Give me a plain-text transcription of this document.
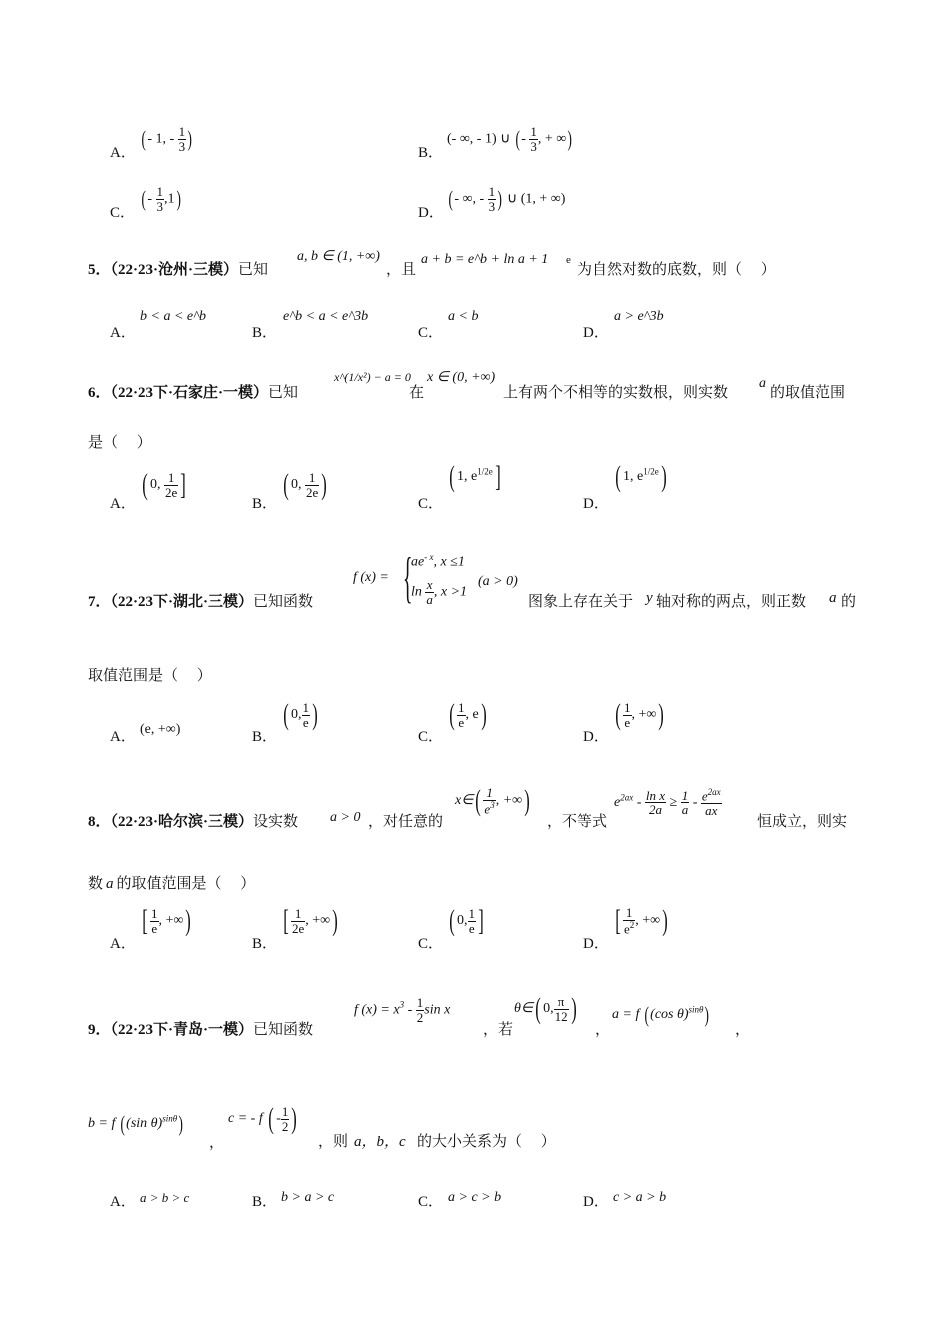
A．
(- 1, - $\frac{1}{3}$ )
B．
(- ∞, - 1) ∪ (- $\frac{1}{3}$ , + ∞)
C．
(- $\frac{1}{3} ,1$)
D．
(- ∞, - $\frac{1}{3}$ ) ∪ (1, + ∞)
5．（22·23·沧州·三模）已知
a, b ∈ (1, +∞)
，且
a + b = e^b + ln a + 1 e
为自然对数的底数，则（　 ）
A．
b < a < e^b
B．
e^b < a < e^3b
C．
a < b
D．
a > e^3b
6．（22·23下·石家庄·一模）已知
x^(1/x²) − a = 0
在
x ∈ (0, +∞)
上有两个不相等的实数根，则实数
a
的取值范围
是（　 ）
A．
( 0, $\frac{1}{2e}$ ]
B．
( 0, $\frac{1}{2e}$ )
C．
( 1, $e^{1/2e}$]
D．
( 1, $e^{1/2e}$)
7．（22·23下·湖北·三模）已知函数
f (x) = {
$ae^{- x}$, x ≤1
$\ln \frac{x}{a}$ , x >1
(a > 0)
图象上存在关于 y 轴对称的两点，则正数 a 的
取值范围是（　 ）
A． (e, +∞)	B．
( 0, $\frac{1}{e}$ )
C．
( $\frac{1}{e}$ , e)
D．
( $\frac{1}{e}$ , +∞)
8．（22·23·哈尔滨·三模）设实数 a > 0 ，对任意的
x∈( $\frac{1}{e^3}$ , +∞)
，不等式
$e^{2ax} - \frac{\text{ln x}}{2a} \ge \frac{1}{a} - \frac{e^{2ax}}{ax}$
恒成立，则实
数 a 的取值范围是（　 ）
A．
[ $\frac{1}{e}$ , +∞)
B．
[ $\frac{1}{2e}$ , +∞)
C．
( 0, $\frac{1}{e}$ ]
D．
[ $\frac{1}{e^2}$ , +∞)
9．（22·23下·青岛·一模）已知函数
f $(x) = x^3 - \frac{1}{2}$ sin x
，若
θ∈( 0, $\frac{\pi}{12}$ )
，
a = f ((cos θ)$^{sin\theta}$)
，
b = f ((sin θ)$^{sin\theta}$)
，
c = - f ( - $\frac{1}{2}$ )
，则 a，b，c 的大小关系为（　 ）
A． a > b > c	B． b > a > c	C． a > c > b	D． c > a > b
